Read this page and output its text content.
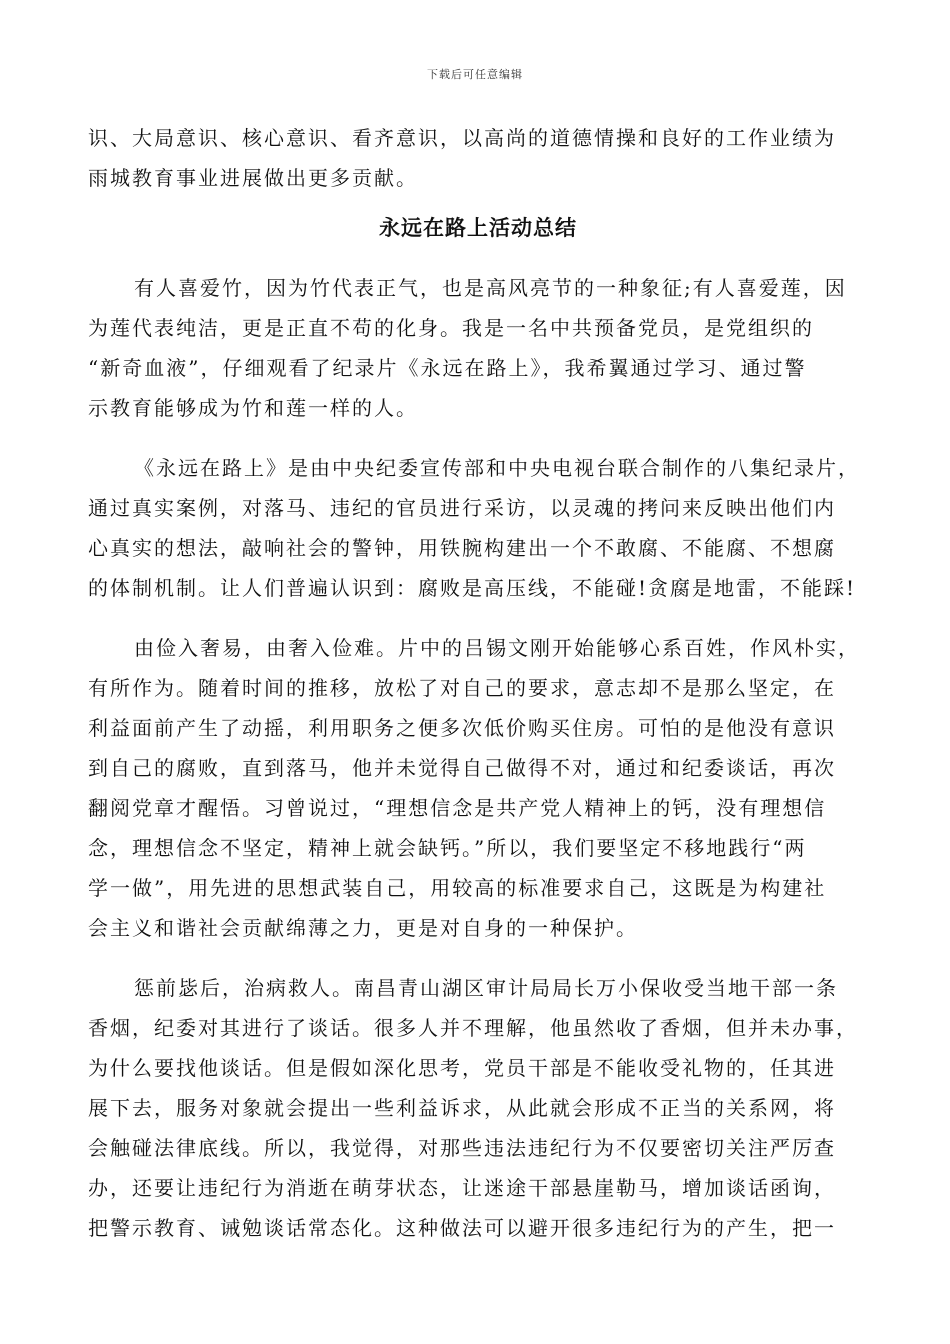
下载后可任意编辑

识、大局意识、核心意识、看齐意识，以高尚的道德情操和良好的工作业绩为
雨城教育事业进展做出更多贡献。

永远在路上活动总结

有人喜爱竹，因为竹代表正气，也是高风亮节的一种象征;有人喜爱莲，因
为莲代表纯洁，更是正直不苟的化身。我是一名中共预备党员，是党组织的
“新奇血液”，仔细观看了纪录片《永远在路上》，我希翼通过学习、通过警
示教育能够成为竹和莲一样的人。

《永远在路上》是由中央纪委宣传部和中央电视台联合制作的八集纪录片，
通过真实案例，对落马、违纪的官员进行采访，以灵魂的拷问来反映出他们内
心真实的想法，敲响社会的警钟，用铁腕构建出一个不敢腐、不能腐、不想腐
的体制机制。让人们普遍认识到：腐败是高压线，不能碰!贪腐是地雷，不能踩!

由俭入奢易，由奢入俭难。片中的吕锡文刚开始能够心系百姓，作风朴实，
有所作为。随着时间的推移，放松了对自己的要求，意志却不是那么坚定，在
利益面前产生了动摇，利用职务之便多次低价购买住房。可怕的是他没有意识
到自己的腐败，直到落马，他并未觉得自己做得不对，通过和纪委谈话，再次
翻阅党章才醒悟。习曾说过，“理想信念是共产党人精神上的钙，没有理想信
念，理想信念不坚定，精神上就会缺钙。”所以，我们要坚定不移地践行“两
学一做”，用先进的思想武装自己，用较高的标准要求自己，这既是为构建社
会主义和谐社会贡献绵薄之力，更是对自身的一种保护。

惩前毖后，治病救人。南昌青山湖区审计局局长万小保收受当地干部一条
香烟，纪委对其进行了谈话。很多人并不理解，他虽然收了香烟，但并未办事，
为什么要找他谈话。但是假如深化思考，党员干部是不能收受礼物的，任其进
展下去，服务对象就会提出一些利益诉求，从此就会形成不正当的关系网，将
会触碰法律底线。所以，我觉得，对那些违法违纪行为不仅要密切关注严厉查
办，还要让违纪行为消逝在萌芽状态，让迷途干部悬崖勒马，增加谈话函询，
把警示教育、诫勉谈话常态化。这种做法可以避开很多违纪行为的产生，把一
